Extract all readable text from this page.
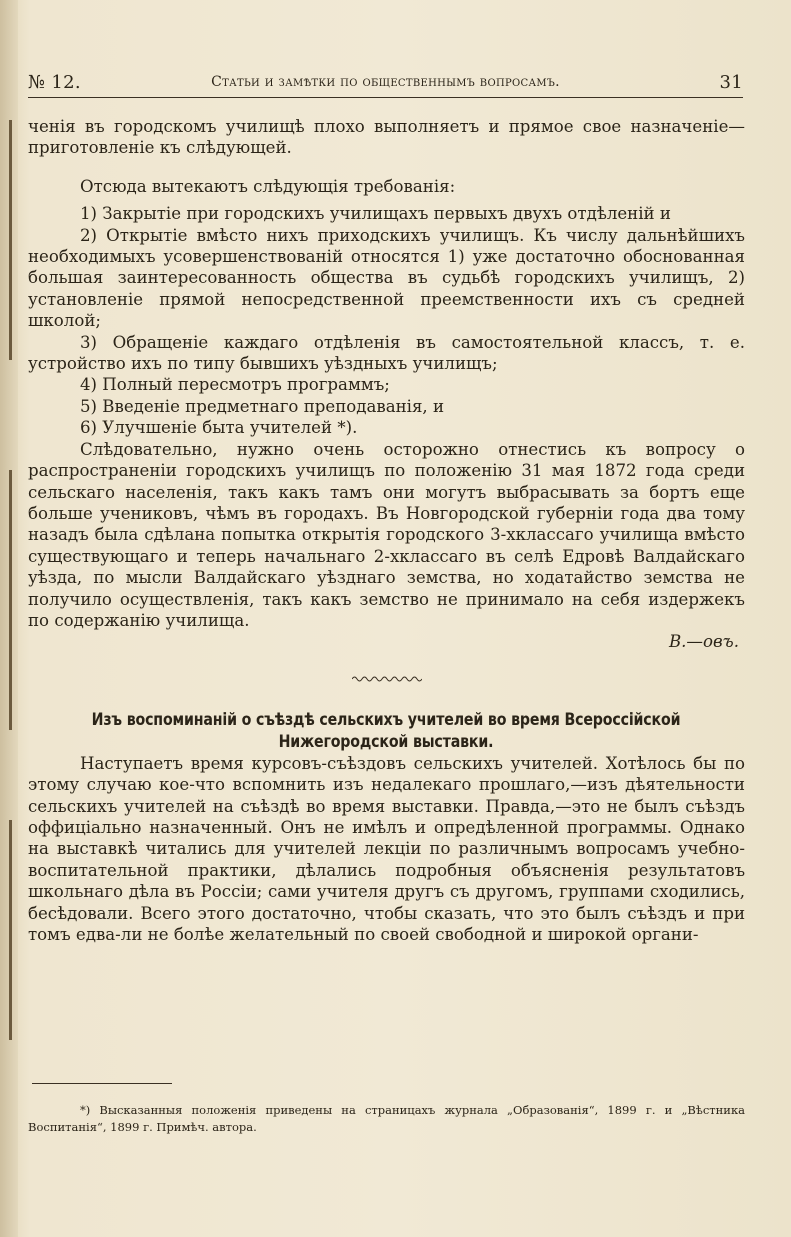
№ 12.	Статьи и замѣтки по общественнымъ вопросамъ.	31

ченія въ городскомъ училищѣ плохо выполняетъ и прямое свое назначеніе—приготовленіе къ слѣдующей.

Отсюда вытекаютъ слѣдующія требованія:

1) Закрытіе при городскихъ училищахъ первыхъ двухъ отдѣленій и

2) Открытіе вмѣсто нихъ приходскихъ училищъ. Къ числу дальнѣйшихъ необходимыхъ усовершенствованій относятся 1) уже достаточно обоснованная большая заинтересованность общества въ судьбѣ городскихъ училищъ, 2) установленіе прямой непосредственной преемственности ихъ съ средней школой;

3) Обращеніе каждаго отдѣленія въ самостоятельной классъ, т. е. устройство ихъ по типу бывшихъ уѣздныхъ училищъ;

4) Полный пересмотръ программъ;

5) Введеніе предметнаго преподаванія, и

6) Улучшеніе быта учителей *).

Слѣдовательно, нужно очень осторожно отнестись къ вопросу о распространеніи городскихъ училищъ по положенію 31 мая 1872 года среди сельскаго населенія, такъ какъ тамъ они могутъ выбрасывать за бортъ еще больше учениковъ, чѣмъ въ городахъ. Въ Новгородской губерніи года два тому назадъ была сдѣлана попытка открытія городского 3-хклассаго училища вмѣсто существующаго и теперь начальнаго 2-хклассаго въ селѣ Едровѣ Валдайскаго уѣзда, по мысли Валдайскаго уѣзднаго земства, но ходатайство земства не получило осуществленія, такъ какъ земство не принимало на себя издержекъ по содержанію училища.

В.—овъ.

Изъ воспоминаній о съѣздѣ сельскихъ учителей во время Всероссійской Нижегородской выставки.

Наступаетъ время курсовъ-съѣздовъ сельскихъ учителей. Хотѣлось бы по этому случаю кое-что вспомнить изъ недалекаго прошлаго,—изъ дѣятельности сельскихъ учителей на съѣздѣ во время выставки. Правда,—это не былъ съѣздъ оффиціально назначенный. Онъ не имѣлъ и опредѣленной программы. Однако на выставкѣ читались для учителей лекціи по различнымъ вопросамъ учебно-воспитательной практики, дѣлались подробныя объясненія результатовъ школьнаго дѣла въ Россіи; сами учителя другъ съ другомъ, группами сходились, бесѣдовали. Всего этого достаточно, чтобы сказать, что это былъ съѣздъ и при томъ едва-ли не болѣе желательный по своей свободной и широкой органи-

*) Высказанныя положенія приведены на страницахъ журнала „Образованія“, 1899 г. и „Вѣстника Воспитанія“, 1899 г. Примѣч. автора.
